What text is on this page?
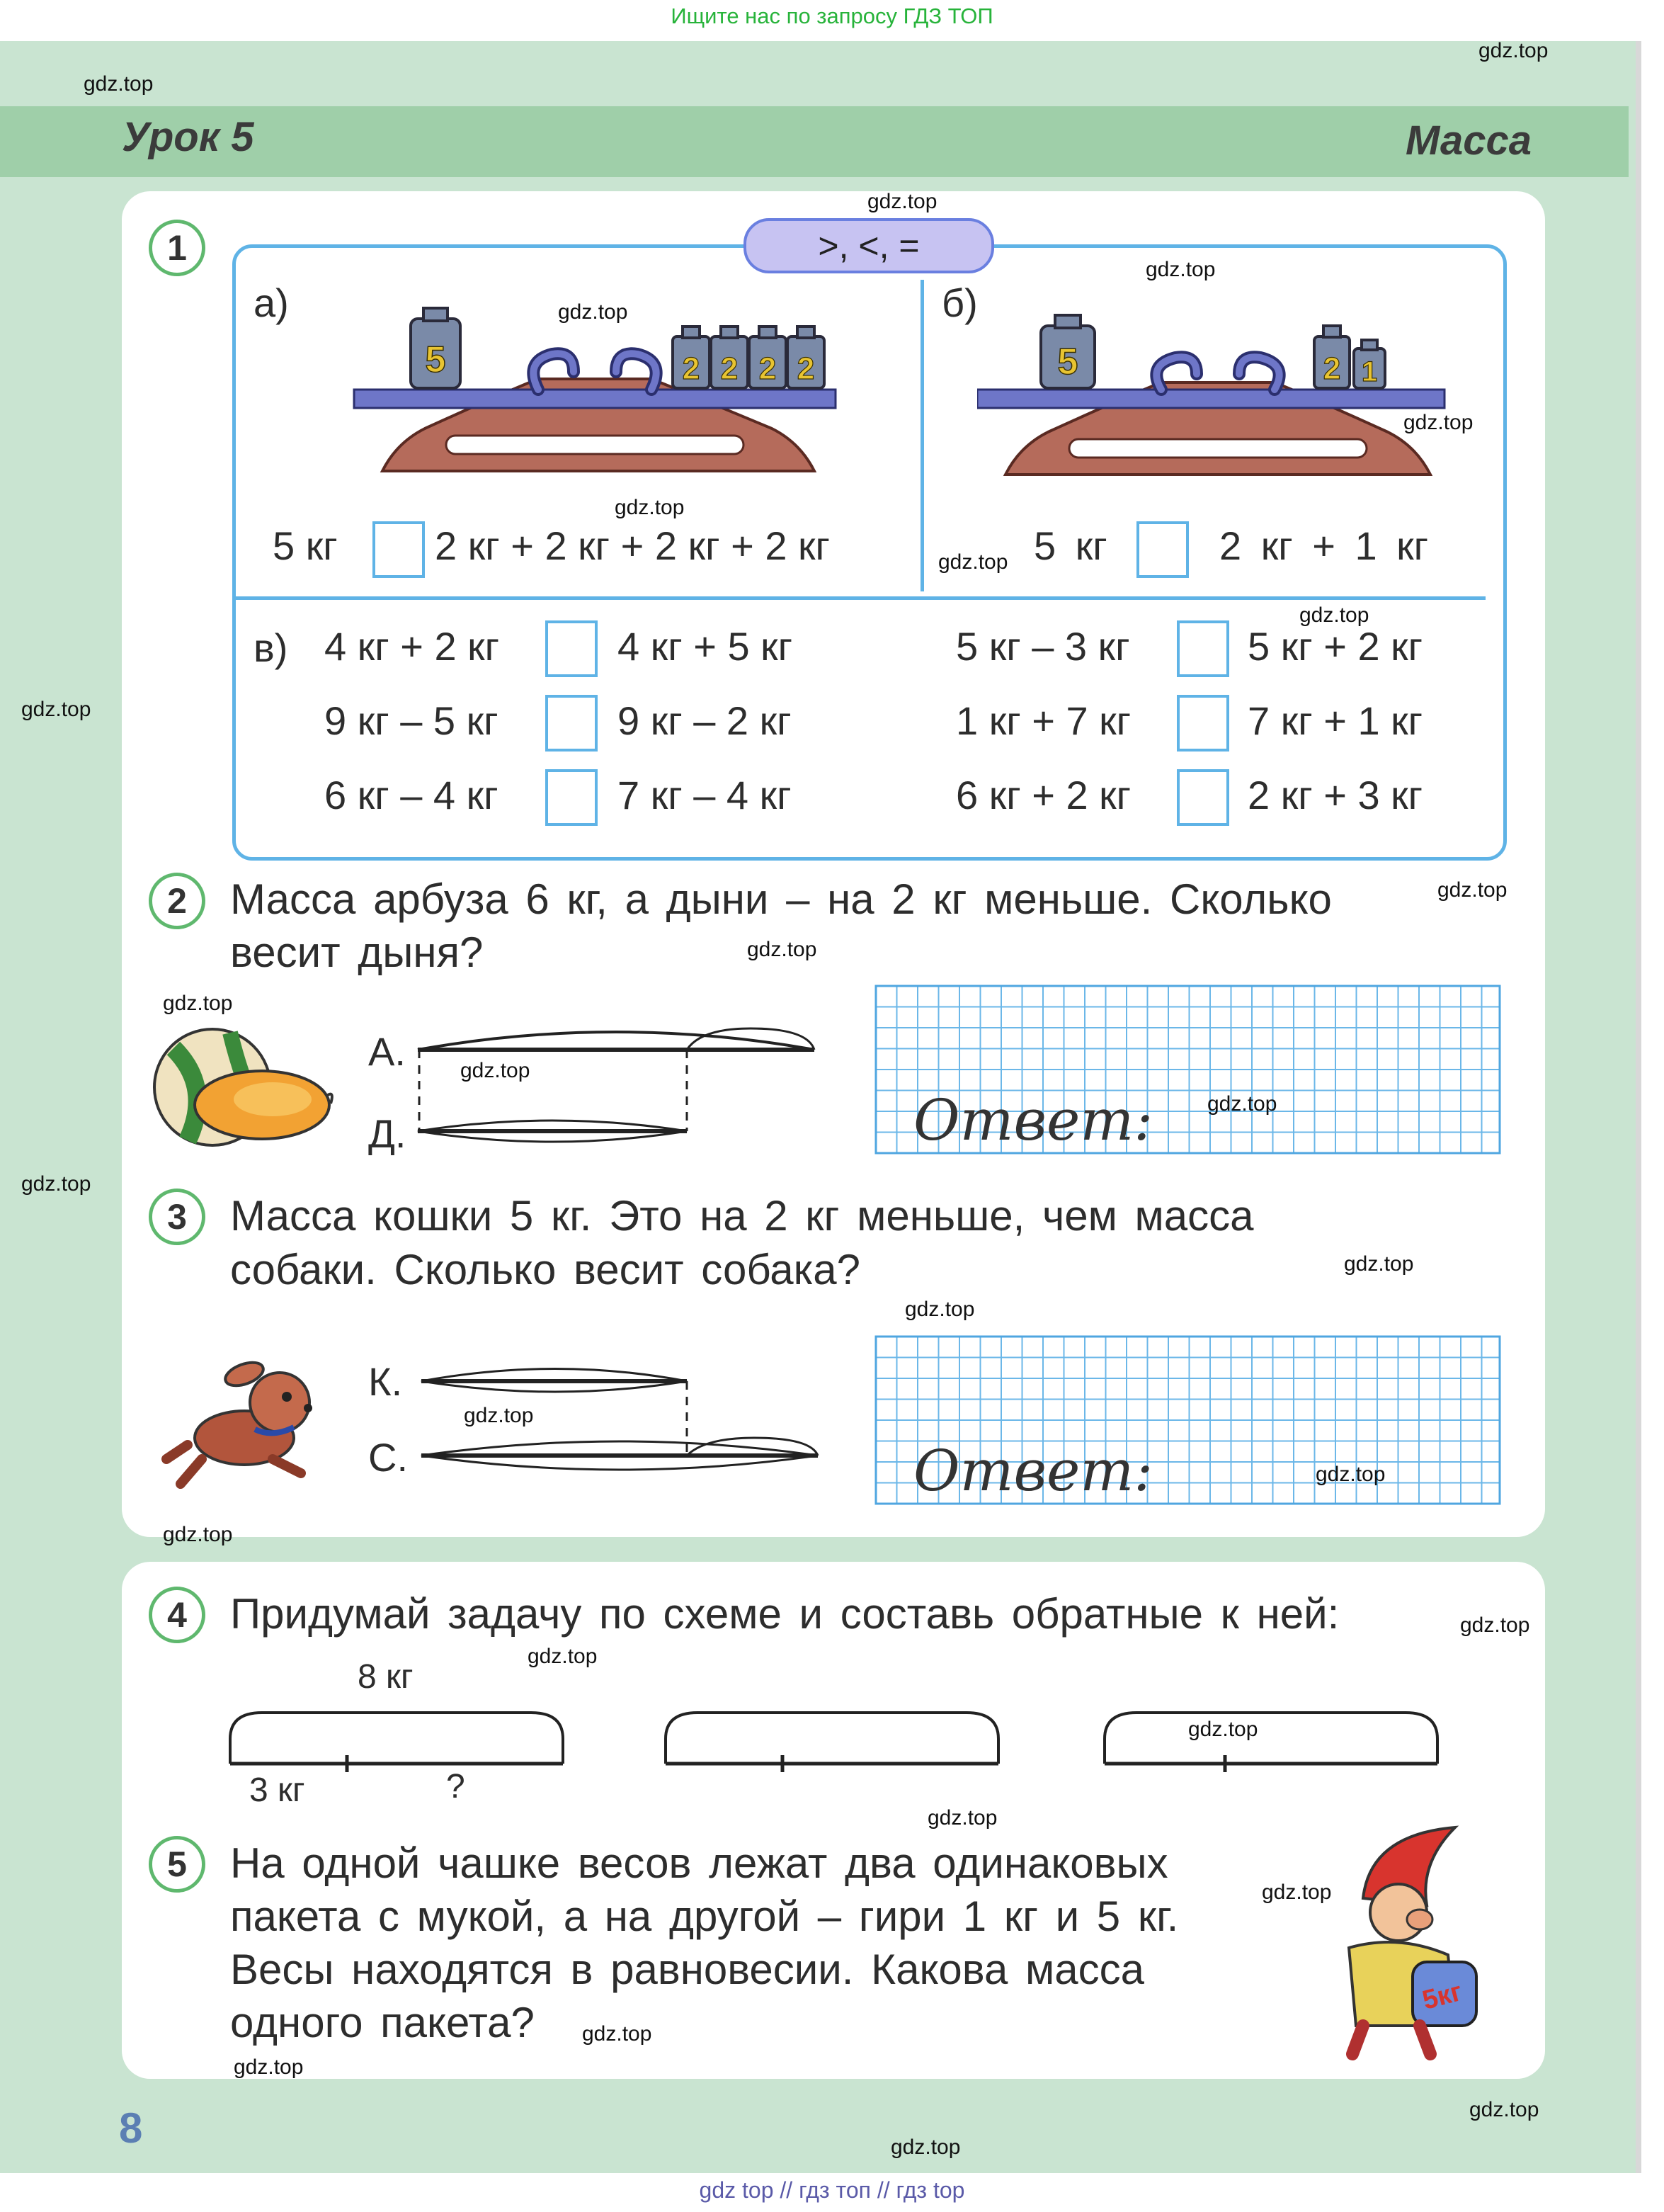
Ищите нас по запросу ГДЗ ТОП
Урок 5	Масса
1	>, <, =
а)
5	2 2 2 2
5 кг 2 кг + 2 кг + 2 кг + 2 кг
б)
5	2 1
5 кг	2 кг + 1 кг
в) 4 кг + 2 кг	4 кг + 5 кг	5 кг – 3 кг	5 кг + 2 кг
9 кг – 5 кг	9 кг – 2 кг	1 кг + 7 кг	7 кг + 1 кг
6 кг – 4 кг	7 кг – 4 кг	6 кг + 2 кг	2 кг + 3 кг
2	Масса арбуза 6 кг, а дыни – на 2 кг меньше. Сколько
весит дыня?
А.
Д.	Ответ:
3	Масса кошки 5 кг. Это на 2 кг меньше, чем масса
собаки. Сколько весит собака?
К.
С.	Ответ:
4	Придумай задачу по схеме и составь обратные к ней:
8 кг
3 кг	?
5	На одной чашке весов лежат два одинаковых
пакета с мукой, а на другой – гири 1 кг и 5 кг.
Весы находятся в равновесии. Какова масса
одного пакета?
5кг
8
gdz top // гдз топ // гдз top
gdz.top
gdz.top
gdz.top
gdz.top
gdz.top
gdz.top
gdz.top
gdz.top
gdz.top
gdz.top
gdz.top
gdz.top
gdz.top
gdz.top
gdz.top
gdz.top
gdz.top
gdz.top
gdz.top
gdz.top
gdz.top
gdz.top
gdz.top
gdz.top
gdz.top
gdz.top
gdz.top
gdz.top
gdz.top
gdz.top
